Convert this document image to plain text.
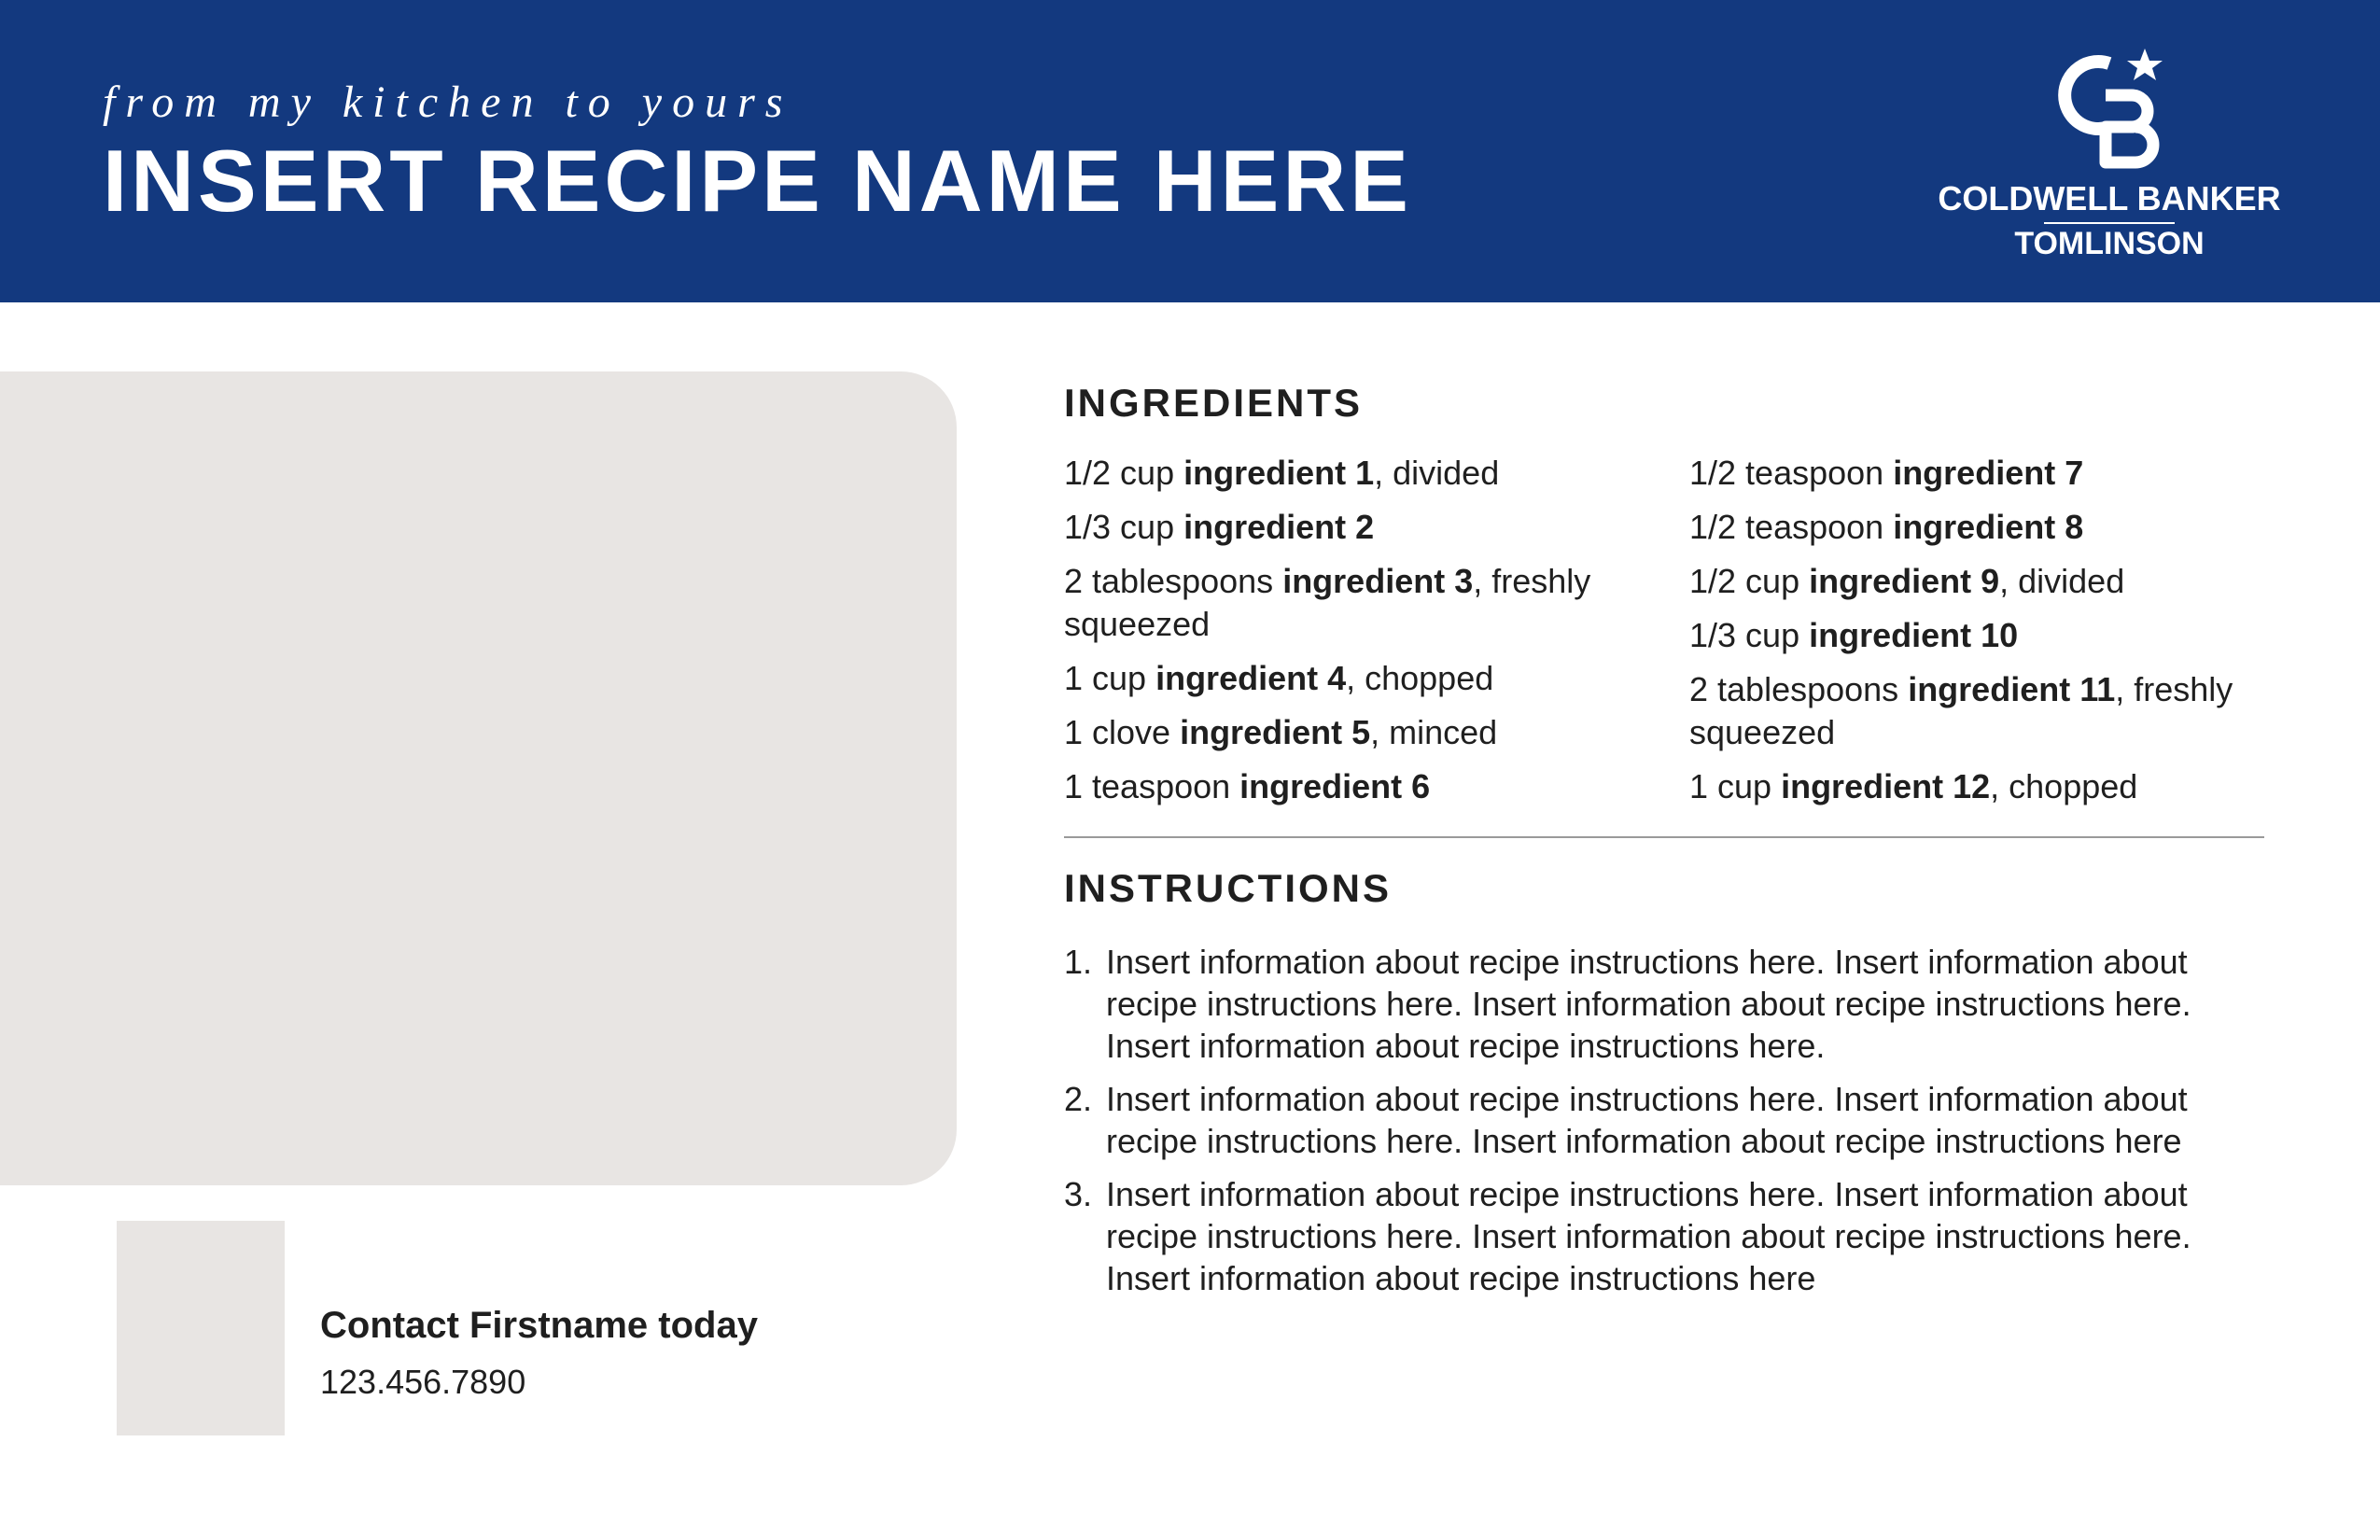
from my kitchen to yours
INSERT RECIPE NAME HERE	COLDWELL BANKER
TOMLINSON
Contact Firstname today
123.456.7890
INGREDIENTS
1/2 cup ingredient 1, divided
1/3 cup ingredient 2
2 tablespoons ingredient 3, freshly squeezed
1 cup ingredient 4, chopped
1 clove ingredient 5, minced
1 teaspoon ingredient 6
1/2 teaspoon ingredient 7
1/2 teaspoon ingredient 8
1/2 cup ingredient 9, divided
1/3 cup ingredient 10
2 tablespoons ingredient 11, freshly squeezed
1 cup ingredient 12, chopped
INSTRUCTIONS
1. Insert information about recipe instructions here. Insert information about recipe instructions here. Insert information about recipe instructions here. Insert information about recipe instructions here.
2. Insert information about recipe instructions here. Insert information about recipe instructions here. Insert information about recipe instructions here
3. Insert information about recipe instructions here. Insert information about recipe instructions here. Insert information about recipe instructions here. Insert information about recipe instructions here
